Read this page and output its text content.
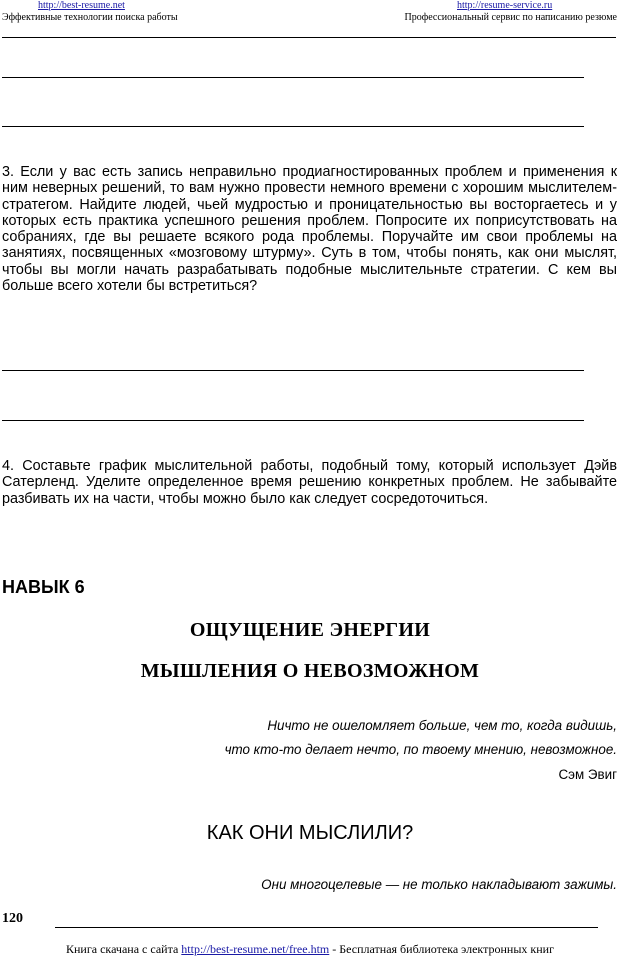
http://best-resume.net
Эффективные технологии поиска работы
http://resume-service.ru
Профессиональный сервис по написанию резюме
3. Если у вас есть запись неправильно продиагностированных проблем и применения к ним неверных решений, то вам нужно провести немного времени с хорошим мыслителем-стратегом. Найдите людей, чьей мудростью и проницательностью вы восторгаетесь и у которых есть практика успешного решения проблем. Попросите их поприсутствовать на собраниях, где вы решаете всякого рода проблемы. Поручайте им свои проблемы на занятиях, посвященных «мозговому штурму». Суть в том, чтобы понять, как они мыслят, чтобы вы могли начать разрабатывать подобные мыслительньте стратегии. С кем вы больше всего хотели бы встретиться?
4. Составьте график мыслительной работы, подобный тому, который использует Дэйв Сатерленд. Уделите определенное время решению конкретных проблем. Не забывайте разбивать их на части, чтобы можно было как следует сосредоточиться.
НАВЫК 6
ОЩУЩЕНИЕ ЭНЕРГИИ
МЫШЛЕНИЯ О НЕВОЗМОЖНОМ
Ничто не ошеломляет больше, чем то, когда видишь,
что кто-то делает нечто, по твоему мнению, невозможное.
Сэм Эвиг
КАК ОНИ МЫСЛИЛИ?
Они многоцелевые — не только накладывают зажимы.
120
Книга скачана с сайта http://best-resume.net/free.htm - Бесплатная библиотека электронных книг
